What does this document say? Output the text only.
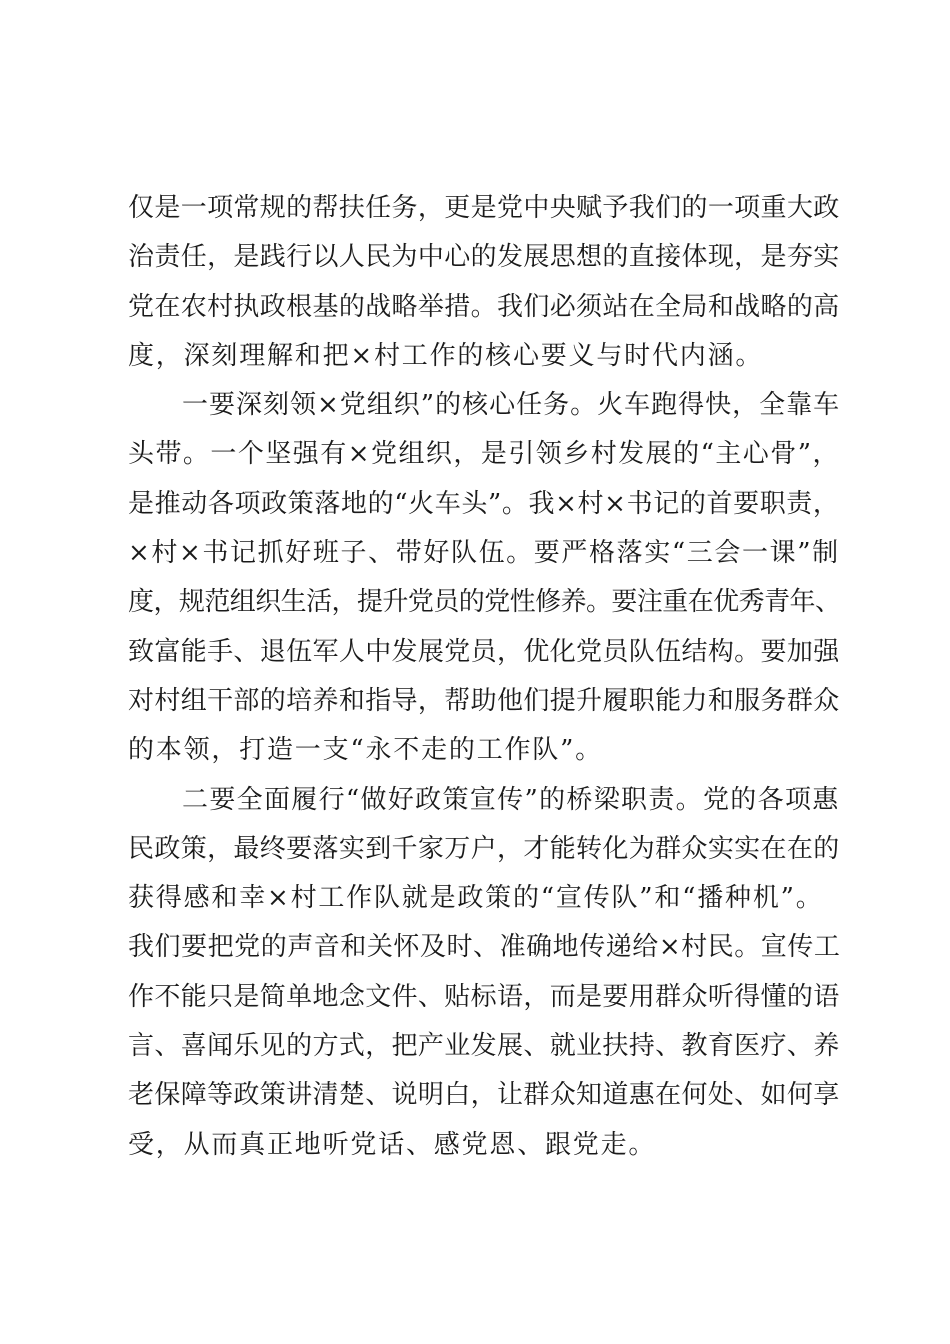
仅是一项常规的帮扶任务，更是党中央赋予我们的一项重大政
治责任，是践行以人民为中心的发展思想的直接体现，是夯实
党在农村执政根基的战略举措。我们必须站在全局和战略的高
度，深刻理解和把×村工作的核心要义与时代内涵。
一要深刻领×党组织”的核心任务。火车跑得快，全靠车
头带。一个坚强有×党组织，是引领乡村发展的“主心骨”，
是推动各项政策落地的“火车头”。我×村×书记的首要职责，
×村×书记抓好班子、带好队伍。要严格落实“三会一课”制
度，规范组织生活，提升党员的党性修养。要注重在优秀青年、
致富能手、退伍军人中发展党员，优化党员队伍结构。要加强
对村组干部的培养和指导，帮助他们提升履职能力和服务群众
的本领，打造一支“永不走的工作队”。
二要全面履行“做好政策宣传”的桥梁职责。党的各项惠
民政策，最终要落实到千家万户，才能转化为群众实实在在的
获得感和幸×村工作队就是政策的“宣传队”和“播种机”。
我们要把党的声音和关怀及时、准确地传递给×村民。宣传工
作不能只是简单地念文件、贴标语，而是要用群众听得懂的语
言、喜闻乐见的方式，把产业发展、就业扶持、教育医疗、养
老保障等政策讲清楚、说明白，让群众知道惠在何处、如何享
受，从而真正地听党话、感党恩、跟党走。
